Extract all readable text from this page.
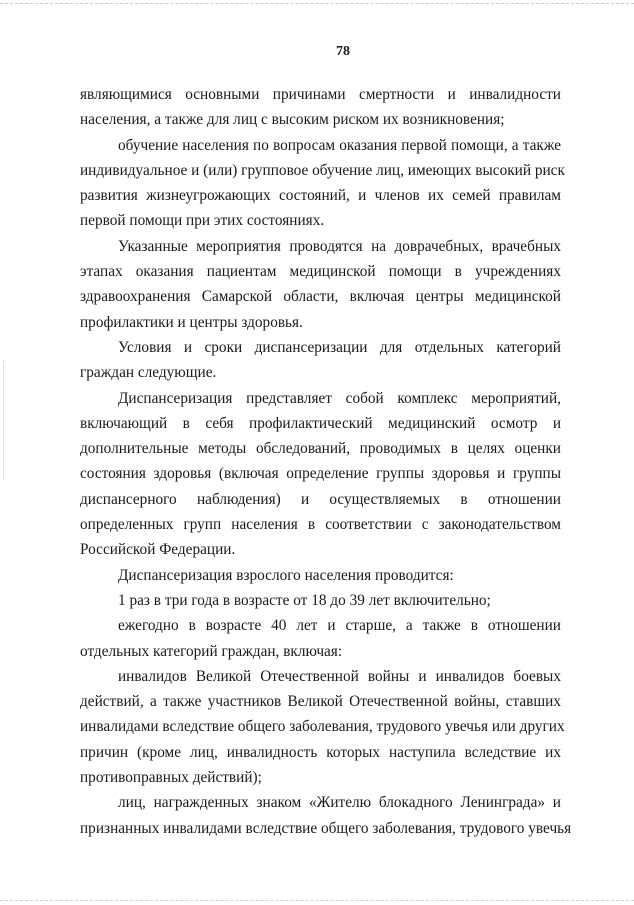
78
являющимися основными причинами смертности и инвалидности
населения, а также для лиц с высоким риском их возникновения;
обучение населения по вопросам оказания первой помощи, а также
индивидуальное и (или) групповое обучение лиц, имеющих высокий риск
развития жизнеугрожающих состояний, и членов их семей правилам
первой помощи при этих состояниях.
Указанные мероприятия проводятся на доврачебных, врачебных
этапах оказания пациентам медицинской помощи в учреждениях
здравоохранения Самарской области, включая центры медицинской
профилактики и центры здоровья.
Условия и сроки диспансеризации для отдельных категорий
граждан следующие.
Диспансеризация представляет собой комплекс мероприятий,
включающий в себя профилактический медицинский осмотр и
дополнительные методы обследований, проводимых в целях оценки
состояния здоровья (включая определение группы здоровья и группы
диспансерного наблюдения) и осуществляемых в отношении
определенных групп населения в соответствии с законодательством
Российской Федерации.
Диспансеризация взрослого населения проводится:
1 раз в три года в возрасте от 18 до 39 лет включительно;
ежегодно в возрасте 40 лет и старше, а также в отношении
отдельных категорий граждан, включая:
инвалидов Великой Отечественной войны и инвалидов боевых
действий, а также участников Великой Отечественной войны, ставших
инвалидами вследствие общего заболевания, трудового увечья или других
причин (кроме лиц, инвалидность которых наступила вследствие их
противоправных действий);
лиц, награжденных знаком «Жителю блокадного Ленинграда» и
признанных инвалидами вследствие общего заболевания, трудового увечья
